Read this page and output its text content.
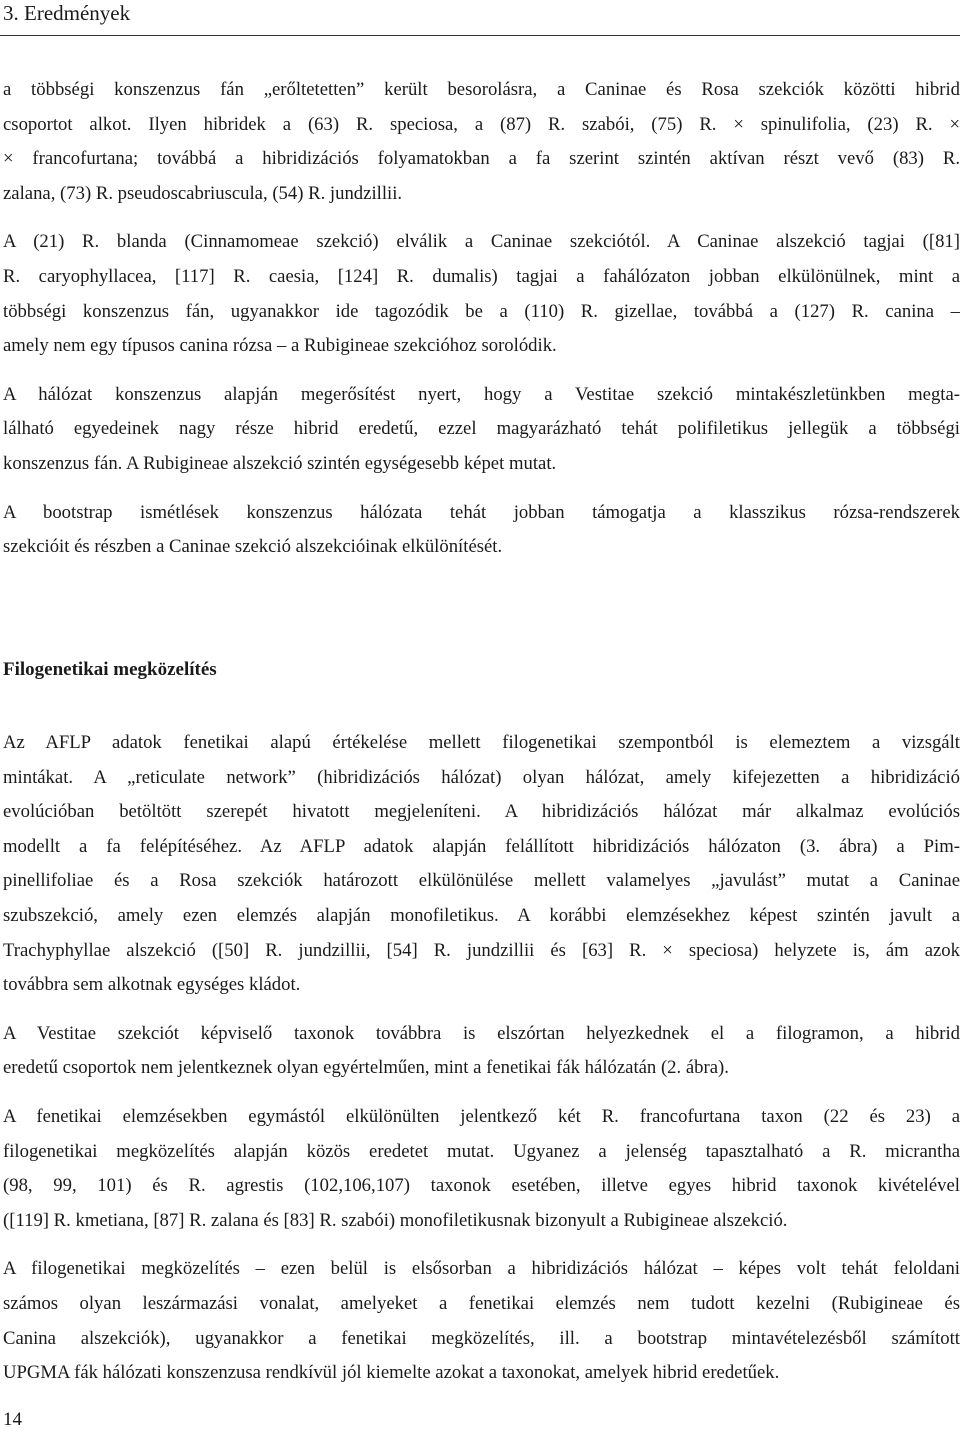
3. Eredmények
a többségi konszenzus fán „erőltetetten” került besorolásra, a Caninae és Rosa szekciók közötti hibrid
csoportot alkot. Ilyen hibridek a (63) R. speciosa, a (87) R. szabói, (75) R. × spinulifolia, (23) R. ×
× francofurtana; továbbá a hibridizációs folyamatokban a fa szerint szintén aktívan részt vevő (83) R.
zalana, (73) R. pseudoscabriuscula, (54) R. jundzillii.
A (21) R. blanda (Cinnamomeae szekció) elválik a Caninae szekciótól. A Caninae alszekció tagjai ([81]
R. caryophyllacea, [117] R. caesia, [124] R. dumalis) tagjai a fahálózaton jobban elkülönülnek, mint a
többségi konszenzus fán, ugyanakkor ide tagozódik be a (110) R. gizellae, továbbá a (127) R. canina –
amely nem egy típusos canina rózsa – a Rubigineae szekcióhoz sorolódik.
A hálózat konszenzus alapján megerősítést nyert, hogy a Vestitae szekció mintakészletünkben megta-
lálható egyedeinek nagy része hibrid eredetű, ezzel magyarázható tehát polifiletikus jellegük a többségi
konszenzus fán. A Rubigineae alszekció szintén egységesebb képet mutat.
A bootstrap ismétlések konszenzus hálózata tehát jobban támogatja a klasszikus rózsa-rendszerek
szekcióit és részben a Caninae szekció alszekcióinak elkülönítését.
Filogenetikai megközelítés
Az AFLP adatok fenetikai alapú értékelése mellett filogenetikai szempontból is elemeztem a vizsgált
mintákat. A „reticulate network” (hibridizációs hálózat) olyan hálózat, amely kifejezetten a hibridizáció
evolúcióban betöltött szerepét hivatott megjeleníteni. A hibridizációs hálózat már alkalmaz evolúciós
modellt a fa felépítéséhez. Az AFLP adatok alapján felállított hibridizációs hálózaton (3. ábra) a Pim-
pinellifoliae és a Rosa szekciók határozott elkülönülése mellett valamelyes „javulást” mutat a Caninae
szubszekció, amely ezen elemzés alapján monofiletikus. A korábbi elemzésekhez képest szintén javult a
Trachyphyllae alszekció ([50] R. jundzillii, [54] R. jundzillii és [63] R. × speciosa) helyzete is, ám azok
továbbra sem alkotnak egységes kládot.
A Vestitae szekciót képviselő taxonok továbbra is elszórtan helyezkednek el a filogramon, a hibrid
eredetű csoportok nem jelentkeznek olyan egyértelműen, mint a fenetikai fák hálózatán (2. ábra).
A fenetikai elemzésekben egymástól elkülönülten jelentkező két R. francofurtana taxon (22 és 23) a
filogenetikai megközelítés alapján közös eredetet mutat. Ugyanez a jelenség tapasztalható a R. micrantha
(98, 99, 101) és R. agrestis (102,106,107) taxonok esetében, illetve egyes hibrid taxonok kivételével
([119] R. kmetiana, [87] R. zalana és [83] R. szabói) monofiletikusnak bizonyult a Rubigineae alszekció.
A filogenetikai megközelítés – ezen belül is elsősorban a hibridizációs hálózat – képes volt tehát feloldani
számos olyan leszármazási vonalat, amelyeket a fenetikai elemzés nem tudott kezelni (Rubigineae és
Canina alszekciók), ugyanakkor a fenetikai megközelítés, ill. a bootstrap mintavételezésből számított
UPGMA fák hálózati konszenzusa rendkívül jól kiemelte azokat a taxonokat, amelyek hibrid eredetűek.
14
